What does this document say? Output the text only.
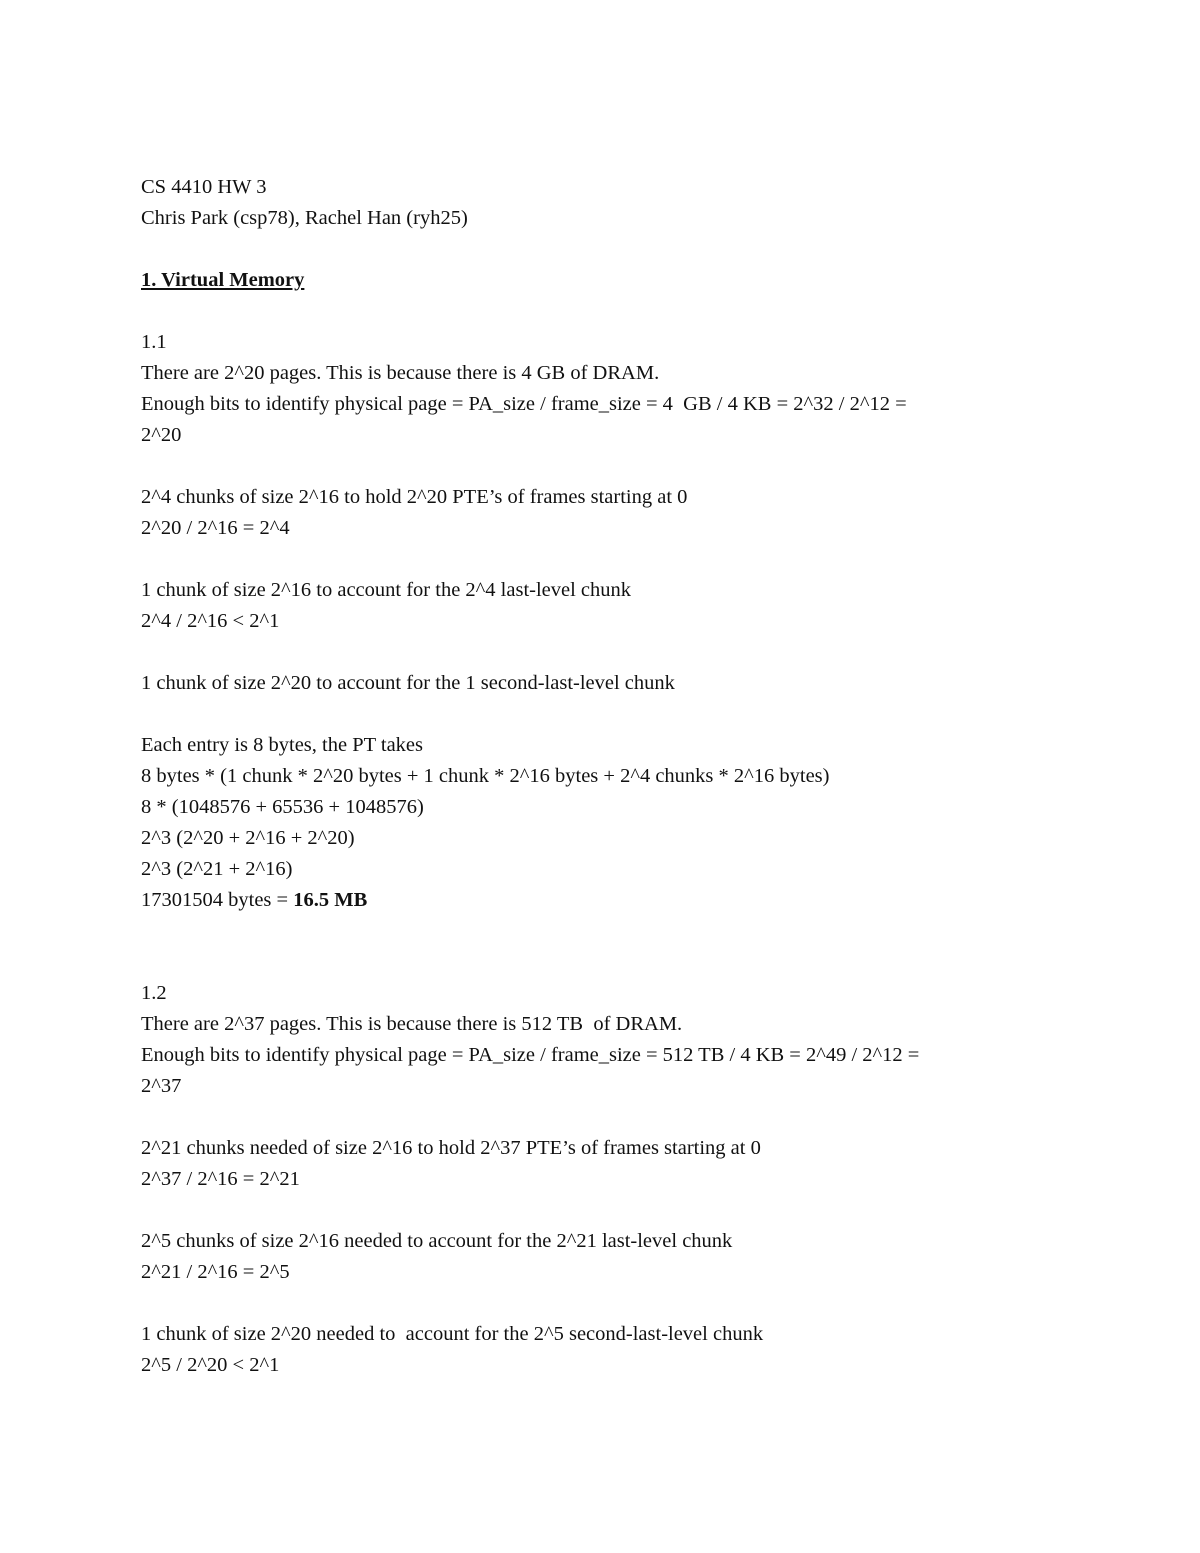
CS 4410 HW 3
Chris Park (csp78), Rachel Han (ryh25)
1. Virtual Memory
1.1
There are 2^20 pages. This is because there is 4 GB of DRAM.
Enough bits to identify physical page = PA_size / frame_size = 4  GB / 4 KB = 2^32 / 2^12 =
2^20
2^4 chunks of size 2^16 to hold 2^20 PTE’s of frames starting at 0
2^20 / 2^16 = 2^4
1 chunk of size 2^16 to account for the 2^4 last-level chunk
2^4 / 2^16 < 2^1
1 chunk of size 2^20 to account for the 1 second-last-level chunk
Each entry is 8 bytes, the PT takes
8 bytes * (1 chunk * 2^20 bytes + 1 chunk * 2^16 bytes + 2^4 chunks * 2^16 bytes)
8 * (1048576 + 65536 + 1048576)
2^3 (2^20 + 2^16 + 2^20)
2^3 (2^21 + 2^16)
17301504 bytes = 16.5 MB
1.2
There are 2^37 pages. This is because there is 512 TB  of DRAM.
Enough bits to identify physical page = PA_size / frame_size = 512 TB / 4 KB = 2^49 / 2^12 =
2^37
2^21 chunks needed of size 2^16 to hold 2^37 PTE’s of frames starting at 0
2^37 / 2^16 = 2^21
2^5 chunks of size 2^16 needed to account for the 2^21 last-level chunk
2^21 / 2^16 = 2^5
1 chunk of size 2^20 needed to  account for the 2^5 second-last-level chunk
2^5 / 2^20 < 2^1
